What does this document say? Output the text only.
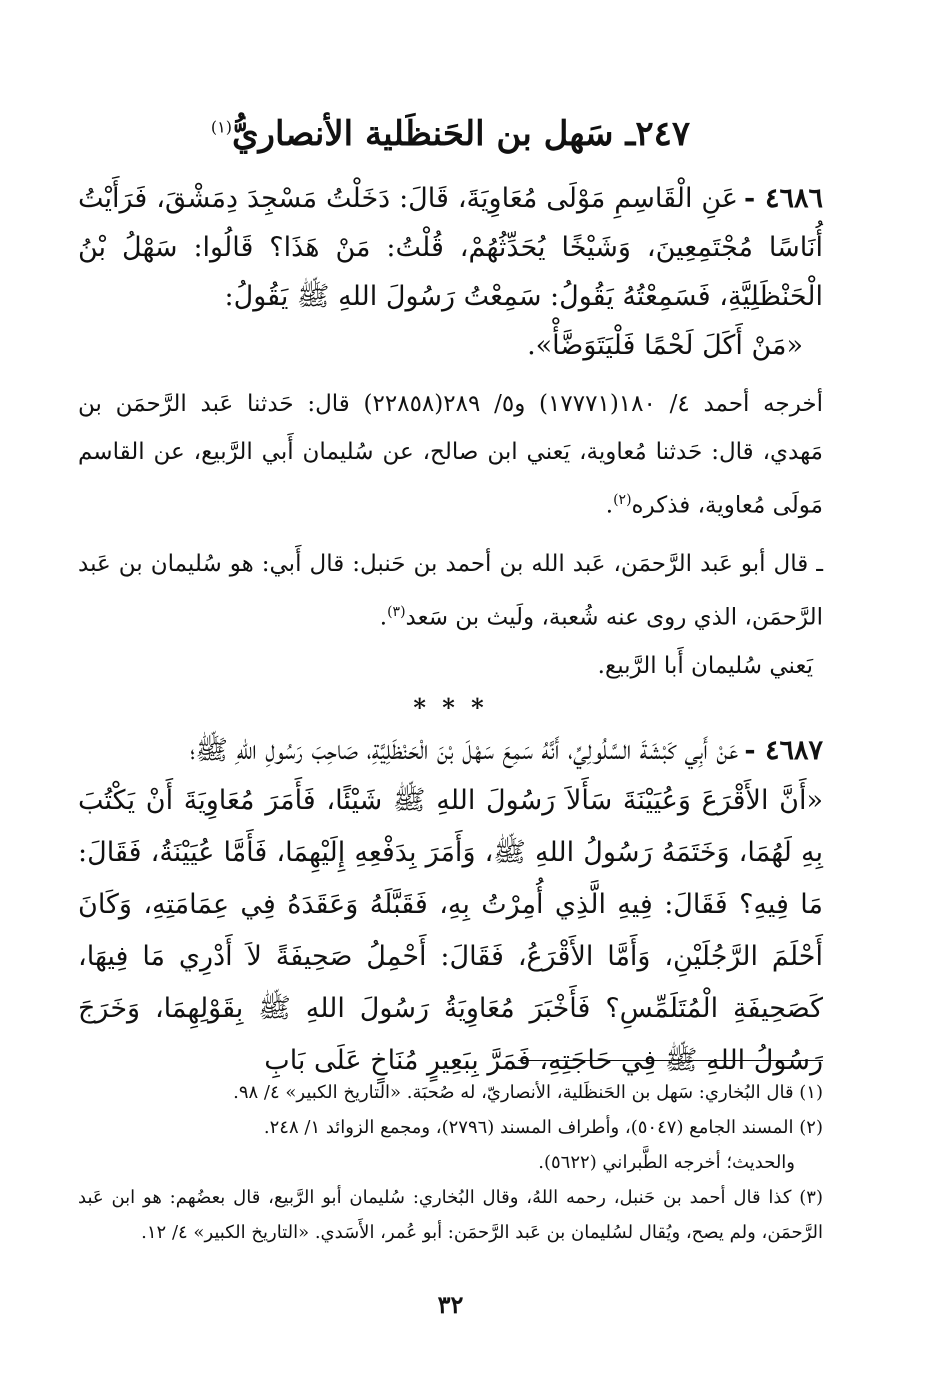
٢٤٧ـ سَهل بن الحَنظَلية الأنصاريُّ$^{(١)}$

٤٦٨٦ -عَنِ الْقَاسِمِ مَوْلَى مُعَاوِيَةَ، قَالَ: دَخَلْتُ مَسْجِدَ دِمَشْقَ، فَرَأَيْتُ أُنَاسًا مُجْتَمِعِينَ، وَشَيْخًا يُحَدِّثُهُمْ، قُلْتُ: مَنْ هَذَا؟ قَالُوا: سَهْلُ بْنُ الْحَنْظَلِيَّةِ، فَسَمِعْتُهُ يَقُولُ: سَمِعْتُ رَسُولَ اللهِ ﷺ يَقُولُ:

«مَنْ أَكَلَ لَحْمًا فَلْيَتَوَضَّأْ».

أخرجه أحمد ٤/ ١٨٠(١٧٧٧١) و٥/ ٢٨٩(٢٢٨٥٨) قال: حَدثنا عَبد الرَّحمَن بن مَهدي، قال: حَدثنا مُعاوية، يَعني ابن صالح، عن سُليمان أَبي الرَّبيع، عن القاسم مَولَى مُعاوية، فذكره$^{(٢)}$.

ـ قال أبو عَبد الرَّحمَن، عَبد الله بن أحمد بن حَنبل: قال أَبي: هو سُليمان بن عَبد الرَّحمَن، الذي روى عنه شُعبة، ولَيث بن سَعد$^{(٣)}$.

يَعني سُليمان أَبا الرَّبيع.

* * *

٤٦٨٧ -عَنْ أَبِي كَبْشَةَ السَّلُولِيِّ، أَنَّهُ سَمِعَ سَهْلَ بْنَ الْحَنْظَلِيَّةِ، صَاحِبَ رَسُولِ اللهِ ﷺ؛

«أَنَّ الأَقْرَعَ وَعُيَيْنَةَ سَأَلاَ رَسُولَ اللهِ ﷺ شَيْئًا، فَأَمَرَ مُعَاوِيَةَ أَنْ يَكْتُبَ بِهِ لَهُمَا، وَخَتَمَهُ رَسُولُ اللهِ ﷺ، وَأَمَرَ بِدَفْعِهِ إِلَيْهِمَا، فَأَمَّا عُيَيْنَةُ، فَقَالَ: مَا فِيهِ؟ فَقَالَ: فِيهِ الَّذِي أُمِرْتُ بِهِ، فَقَبَّلَهُ وَعَقَدَهُ فِي عِمَامَتِهِ، وَكَانَ أَحْلَمَ الرَّجُلَيْنِ، وَأَمَّا الأَقْرَعُ، فَقَالَ: أَحْمِلُ صَحِيفَةً لاَ أَدْرِي مَا فِيهَا، كَصَحِيفَةِ الْمُتَلَمِّسِ؟ فَأَخْبَرَ مُعَاوِيَةُ رَسُولَ اللهِ ﷺ بِقَوْلِهِمَا، وَخَرَجَ رَسُولُ اللهِ ﷺ فِي حَاجَتِهِ، فَمَرَّ بِبَعِيرٍ مُنَاخٍ عَلَى بَابِ

(١) قال البُخاري: سَهل بن الحَنظَلية، الأنصاريّ، له صُحبَة. «التاريخ الكبير» ٤/ ٩٨.

(٢) المسند الجامع (٥٠٤٧)، وأطراف المسند (٢٧٩٦)، ومجمع الزوائد ١/ ٢٤٨.

والحديث؛ أخرجه الطَّبراني (٥٦٢٢).

(٣) كذا قال أحمد بن حَنبل، رحمه اللهُ، وقال البُخاري: سُليمان أبو الرَّبيع، قال بعضُهم: هو ابن عَبد الرَّحمَن، ولم يصح، ويُقال لسُليمان بن عَبد الرَّحمَن: أبو عُمر، الأَسَدي. «التاريخ الكبير» ٤/ ١٢.

٣٢
